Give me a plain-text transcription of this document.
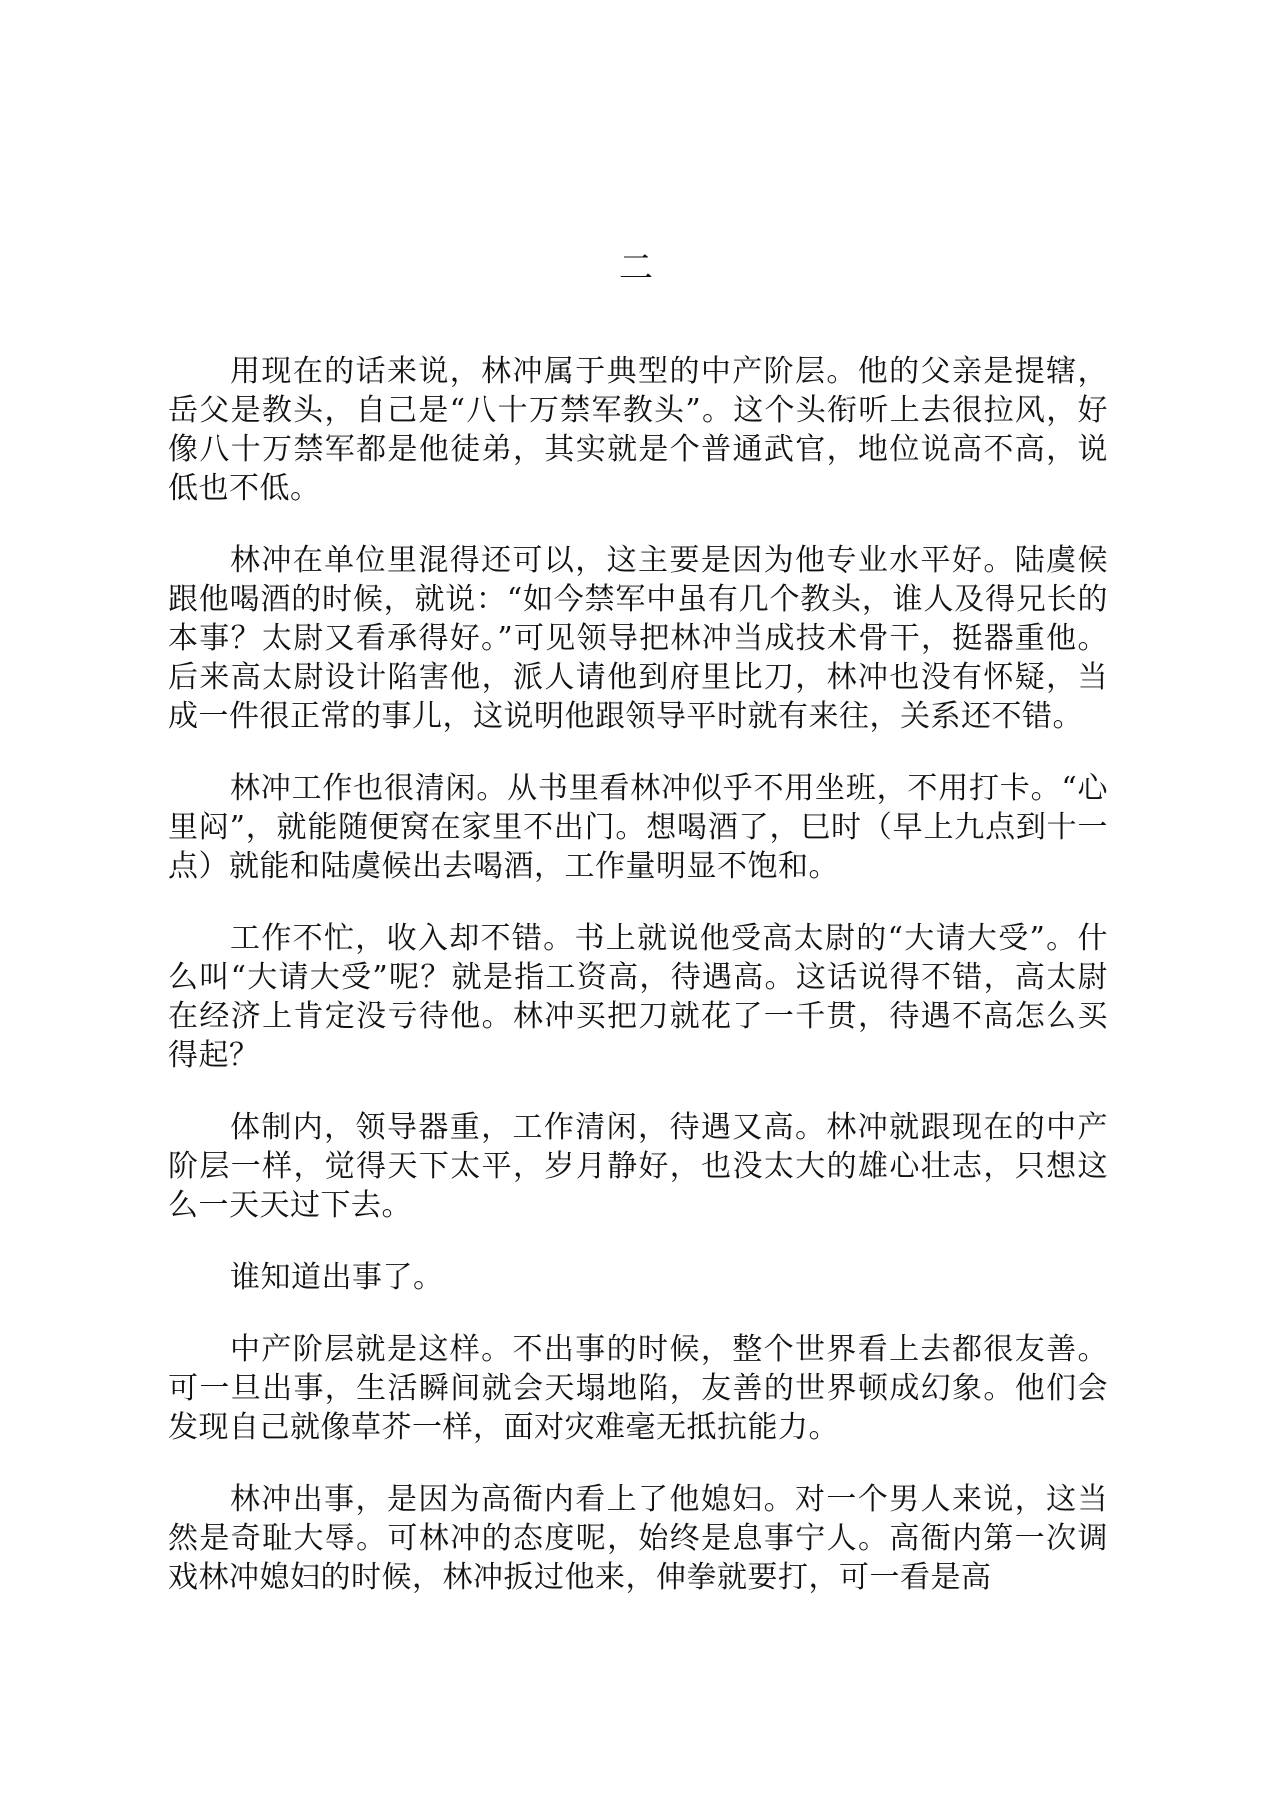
二

用现在的话来说，林冲属于典型的中产阶层。他的父亲是提辖，岳父是教头，自己是“八十万禁军教头”。这个头衔听上去很拉风，好像八十万禁军都是他徒弟，其实就是个普通武官，地位说高不高，说低也不低。

林冲在单位里混得还可以，这主要是因为他专业水平好。陆虞候跟他喝酒的时候，就说：“如今禁军中虽有几个教头，谁人及得兄长的本事？太尉又看承得好。”可见领导把林冲当成技术骨干，挺器重他。后来高太尉设计陷害他，派人请他到府里比刀，林冲也没有怀疑，当成一件很正常的事儿，这说明他跟领导平时就有来往，关系还不错。

林冲工作也很清闲。从书里看林冲似乎不用坐班，不用打卡。“心里闷”，就能随便窝在家里不出门。想喝酒了，巳时（早上九点到十一点）就能和陆虞候出去喝酒，工作量明显不饱和。

工作不忙，收入却不错。书上就说他受高太尉的“大请大受”。什么叫“大请大受”呢？就是指工资高，待遇高。这话说得不错，高太尉在经济上肯定没亏待他。林冲买把刀就花了一千贯，待遇不高怎么买得起？

体制内，领导器重，工作清闲，待遇又高。林冲就跟现在的中产阶层一样，觉得天下太平，岁月静好，也没太大的雄心壮志，只想这么一天天过下去。

谁知道出事了。

中产阶层就是这样。不出事的时候，整个世界看上去都很友善。可一旦出事，生活瞬间就会天塌地陷，友善的世界顿成幻象。他们会发现自己就像草芥一样，面对灾难毫无抵抗能力。

林冲出事，是因为高衙内看上了他媳妇。对一个男人来说，这当然是奇耻大辱。可林冲的态度呢，始终是息事宁人。高衙内第一次调戏林冲媳妇的时候，林冲扳过他来，伸拳就要打，可一看是高
